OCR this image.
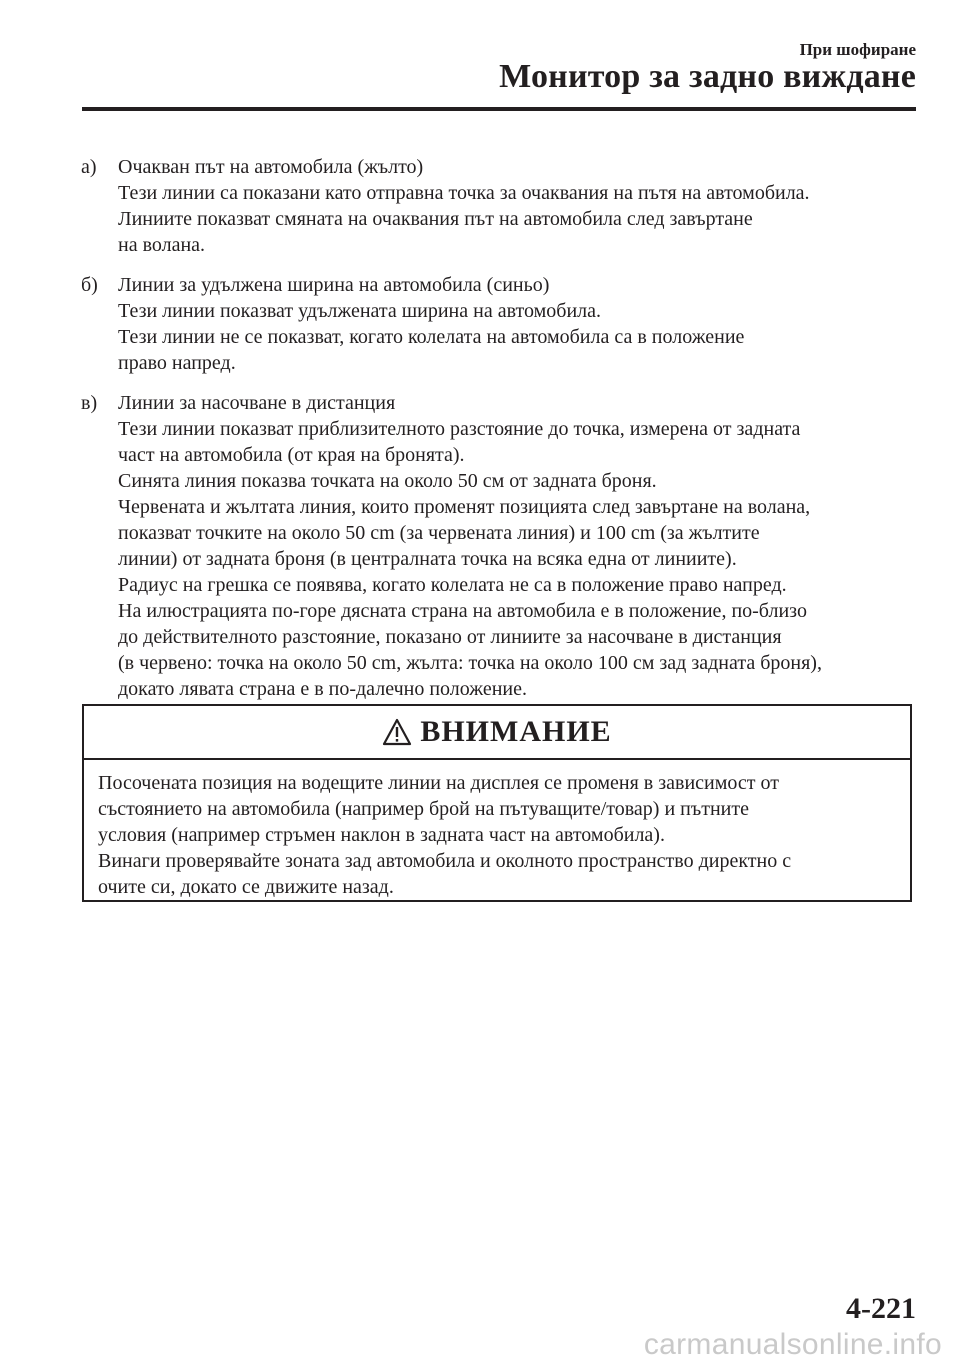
При шофиране
Монитор за задно виждане
а) Очакван път на автомобила (жълто)
Тези линии са показани като отправна точка за очаквания на пътя на автомобила.
Линиите показват смяната на очаквания път на автомобила след завъртане
на волана.
б) Линии за удължена ширина на автомобила (синьо)
Тези линии показват удължената ширина на автомобила.
Тези линии не се показват, когато колелата на автомобила са в положение
право напред.
в) Линии за насочване в дистанция
Тези линии показват приблизителното разстояние до точка, измерена от задната
част на автомобила (от края на бронята).
Синята линия показва точката на около 50 см от задната броня.
Червената и жълтата линия, които променят позицията след завъртане на волана,
показват точките на около 50 cm (за червената линия) и 100 cm (за жълтите
линии) от задната броня (в централната точка на всяка една от линиите).
Радиус на грешка се появява, когато колелата не са в положение право напред.
На илюстрацията по-горе дясната страна на автомобила е в положение, по-близо
до действителното разстояние, показано от линиите за насочване в дистанция
(в червено: точка на около 50 cm, жълта: точка на около 100 см зад задната броня),
докато лявата страна е в по-далечно положение.
ВНИМАНИЕ
Посочената позиция на водещите линии на дисплея се променя в зависимост от
състоянието на автомобила (например брой на пътуващите/товар) и пътните
условия (например стръмен наклон в задната част на автомобила).
Винаги проверявайте зоната зад автомобила и околното пространство директно с
очите си, докато се движите назад.
4-221
carmanualsonline.info
